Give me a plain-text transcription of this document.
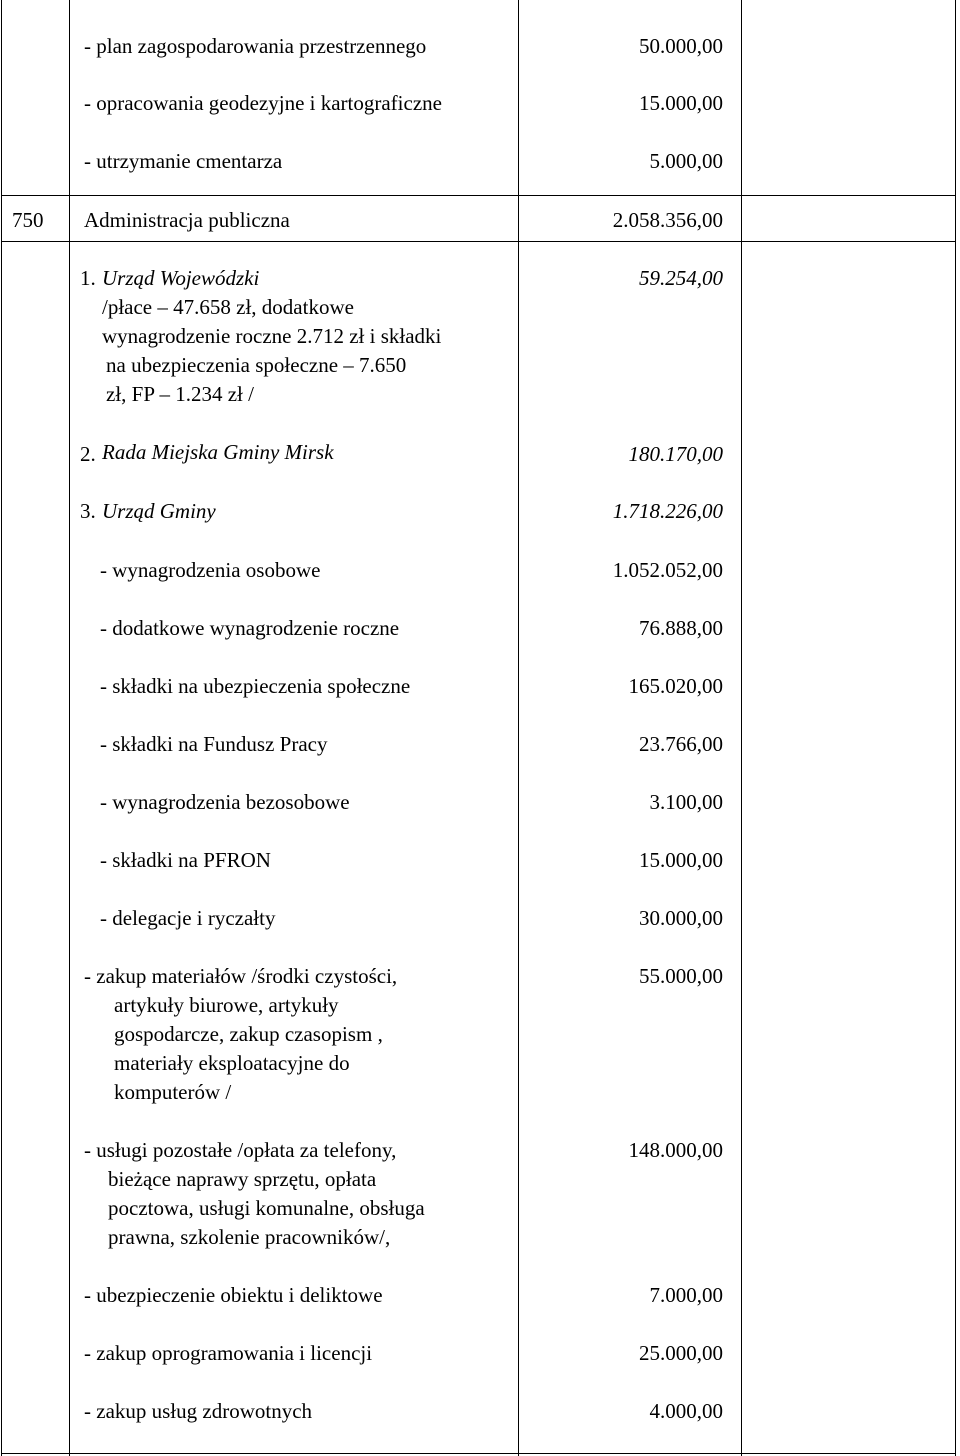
- plan zagospodarowania przestrzennego	50.000,00
- opracowania geodezyjne i kartograficzne	15.000,00
- utrzymanie cmentarza	5.000,00
750 Administracja publiczna	2.058.356,00
1. Urząd Wojewódzki	59.254,00
/płace – 47.658 zł, dodatkowe
wynagrodzenie roczne 2.712 zł i składki
na ubezpieczenia społeczne – 7.650
zł, FP – 1.234 zł /
2. Rada Miejska Gminy Mirsk	180.170,00
3. Urząd Gminy	1.718.226,00
- wynagrodzenia osobowe	1.052.052,00
- dodatkowe wynagrodzenie roczne	76.888,00
- składki na ubezpieczenia społeczne	165.020,00
- składki na Fundusz Pracy	23.766,00
- wynagrodzenia bezosobowe	3.100,00
- składki na PFRON	15.000,00
- delegacje i ryczałty	30.000,00
- zakup materiałów /środki czystości,	55.000,00
artykuły biurowe, artykuły
gospodarcze, zakup czasopism ,
materiały eksploatacyjne do
komputerów /
- usługi pozostałe /opłata za telefony,	148.000,00
bieżące naprawy sprzętu, opłata
pocztowa, usługi komunalne, obsługa
prawna, szkolenie pracowników/,
- ubezpieczenie obiektu i deliktowe	7.000,00
- zakup oprogramowania i licencji	25.000,00
- zakup usług zdrowotnych	4.000,00
